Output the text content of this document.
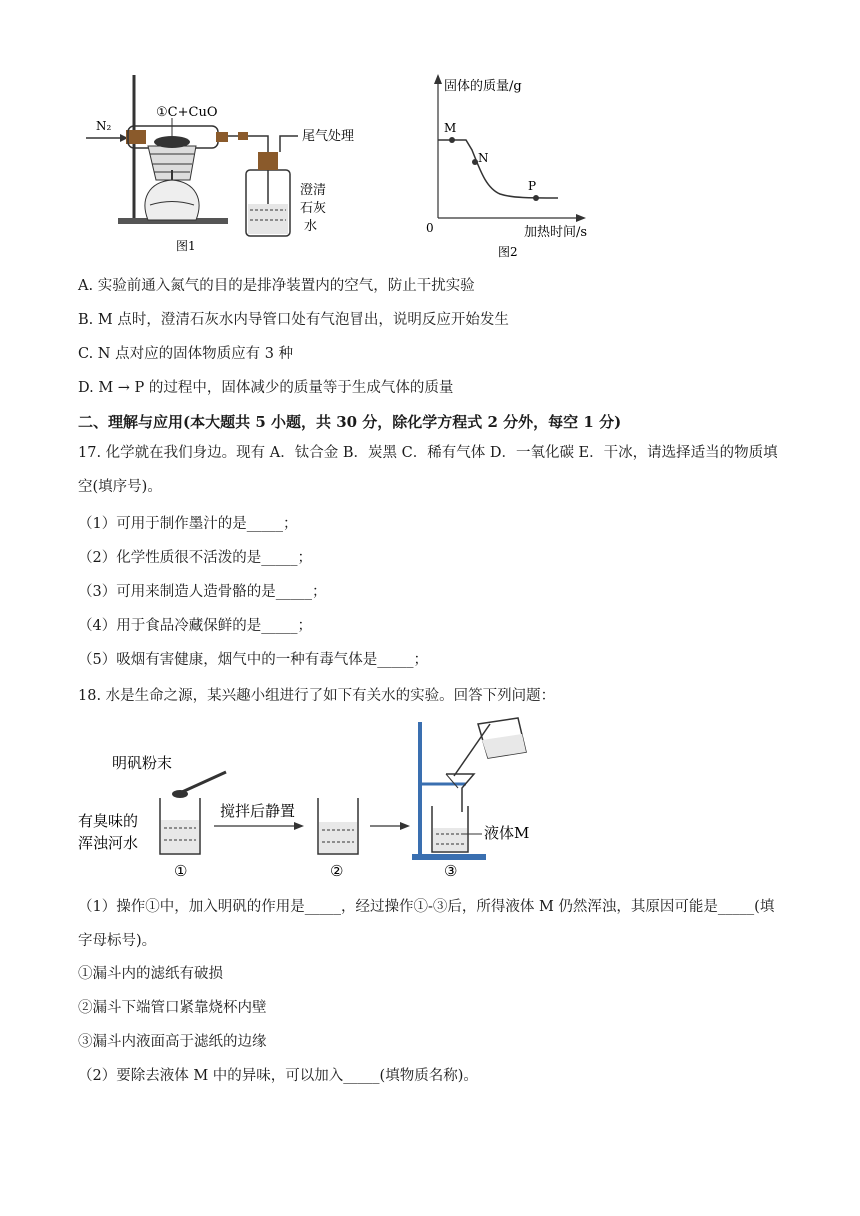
N₂
①C+CuO
尾气处理
澄清
石灰
水
图1
固体的质量/g
加热时间/s
0
M
N
P
图2
A. 实验前通入氮气的目的是排净装置内的空气，防止干扰实验
B. M 点时，澄清石灰水内导管口处有气泡冒出，说明反应开始发生
C. N 点对应的固体物质应有 3 种
D. M → P 的过程中，固体减少的质量等于生成气体的质量
二、理解与应用(本大题共 5 小题，共 30 分，除化学方程式 2 分外，每空 1 分)
17. 化学就在我们身边。现有 A．钛合金 B．炭黑 C．稀有气体 D．一氧化碳 E．干冰，请选择适当的物质填空(填序号)。
（1）可用于制作墨汁的是_____；
（2）化学性质很不活泼的是_____；
（3）可用来制造人造骨骼的是_____；
（4）用于食品冷藏保鲜的是_____；
（5）吸烟有害健康，烟气中的一种有毒气体是_____；
18. 水是生命之源，某兴趣小组进行了如下有关水的实验。回答下列问题：
明矾粉末
有臭味的
浑浊河水
①
搅拌后静置
②
液体M
③
（1）操作①中，加入明矾的作用是_____，经过操作①-③后，所得液体 M 仍然浑浊，其原因可能是_____(填字母标号)。
①漏斗内的滤纸有破损
②漏斗下端管口紧靠烧杯内壁
③漏斗内液面高于滤纸的边缘
（2）要除去液体 M 中的异味，可以加入_____(填物质名称)。
